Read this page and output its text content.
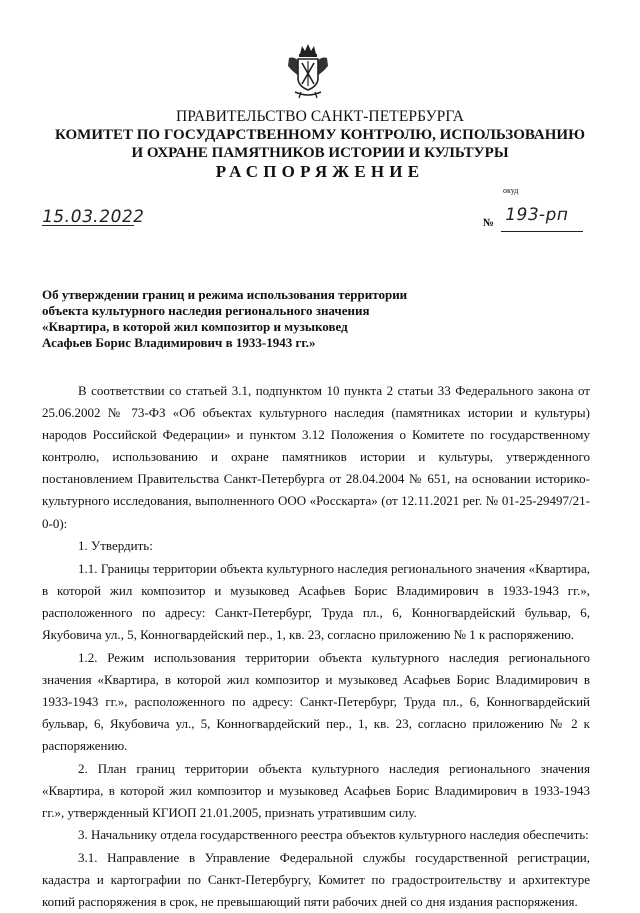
ПРАВИТЕЛЬСТВО САНКТ-ПЕТЕРБУРГА
КОМИТЕТ ПО ГОСУДАРСТВЕННОМУ КОНТРОЛЮ, ИСПОЛЬЗОВАНИЮ
И ОХРАНЕ ПАМЯТНИКОВ ИСТОРИИ И КУЛЬТУРЫ
РАСПОРЯЖЕНИЕ
окуд
15.03.2022	№ 193-рп
Об утверждении границ и режима использования территории
объекта культурного наследия регионального значения
«Квартира, в которой жил композитор и музыковед
Асафьев Борис Владимирович в 1933-1943 гг.»

В соответствии со статьей 3.1, подпунктом 10 пункта 2 статьи 33 Федерального закона от 25.06.2002 № 73-ФЗ «Об объектах культурного наследия (памятниках истории и культуры) народов Российской Федерации» и пунктом 3.12 Положения о Комитете по государственному контролю, использованию и охране памятников истории и культуры, утвержденного постановлением Правительства Санкт-Петербурга от 28.04.2004 № 651, на основании историко-культурного исследования, выполненного ООО «Росскарта» (от 12.11.2021 рег. № 01-25-29497/21-0-0):

1. Утвердить:

1.1. Границы территории объекта культурного наследия регионального значения «Квартира, в которой жил композитор и музыковед Асафьев Борис Владимирович в 1933-1943 гг.», расположенного по адресу: Санкт-Петербург, Труда пл., 6, Конногвардейский бульвар, 6, Якубовича ул., 5, Конногвардейский пер., 1, кв. 23, согласно приложению № 1 к распоряжению.

1.2. Режим использования территории объекта культурного наследия регионального значения «Квартира, в которой жил композитор и музыковед Асафьев Борис Владимирович в 1933-1943 гг.», расположенного по адресу: Санкт-Петербург, Труда пл., 6, Конногвардейский бульвар, 6, Якубовича ул., 5, Конногвардейский пер., 1, кв. 23, согласно приложению № 2 к распоряжению.

2. План границ территории объекта культурного наследия регионального значения «Квартира, в которой жил композитор и музыковед Асафьев Борис Владимирович в 1933-1943 гг.», утвержденный КГИОП 21.01.2005, признать утратившим силу.

3. Начальнику отдела государственного реестра объектов культурного наследия обеспечить:

3.1. Направление в Управление Федеральной службы государственной регистрации, кадастра и картографии по Санкт-Петербургу, Комитет по градостроительству и архитектуре копий распоряжения в срок, не превышающий пяти рабочих дней со дня издания распоряжения.
